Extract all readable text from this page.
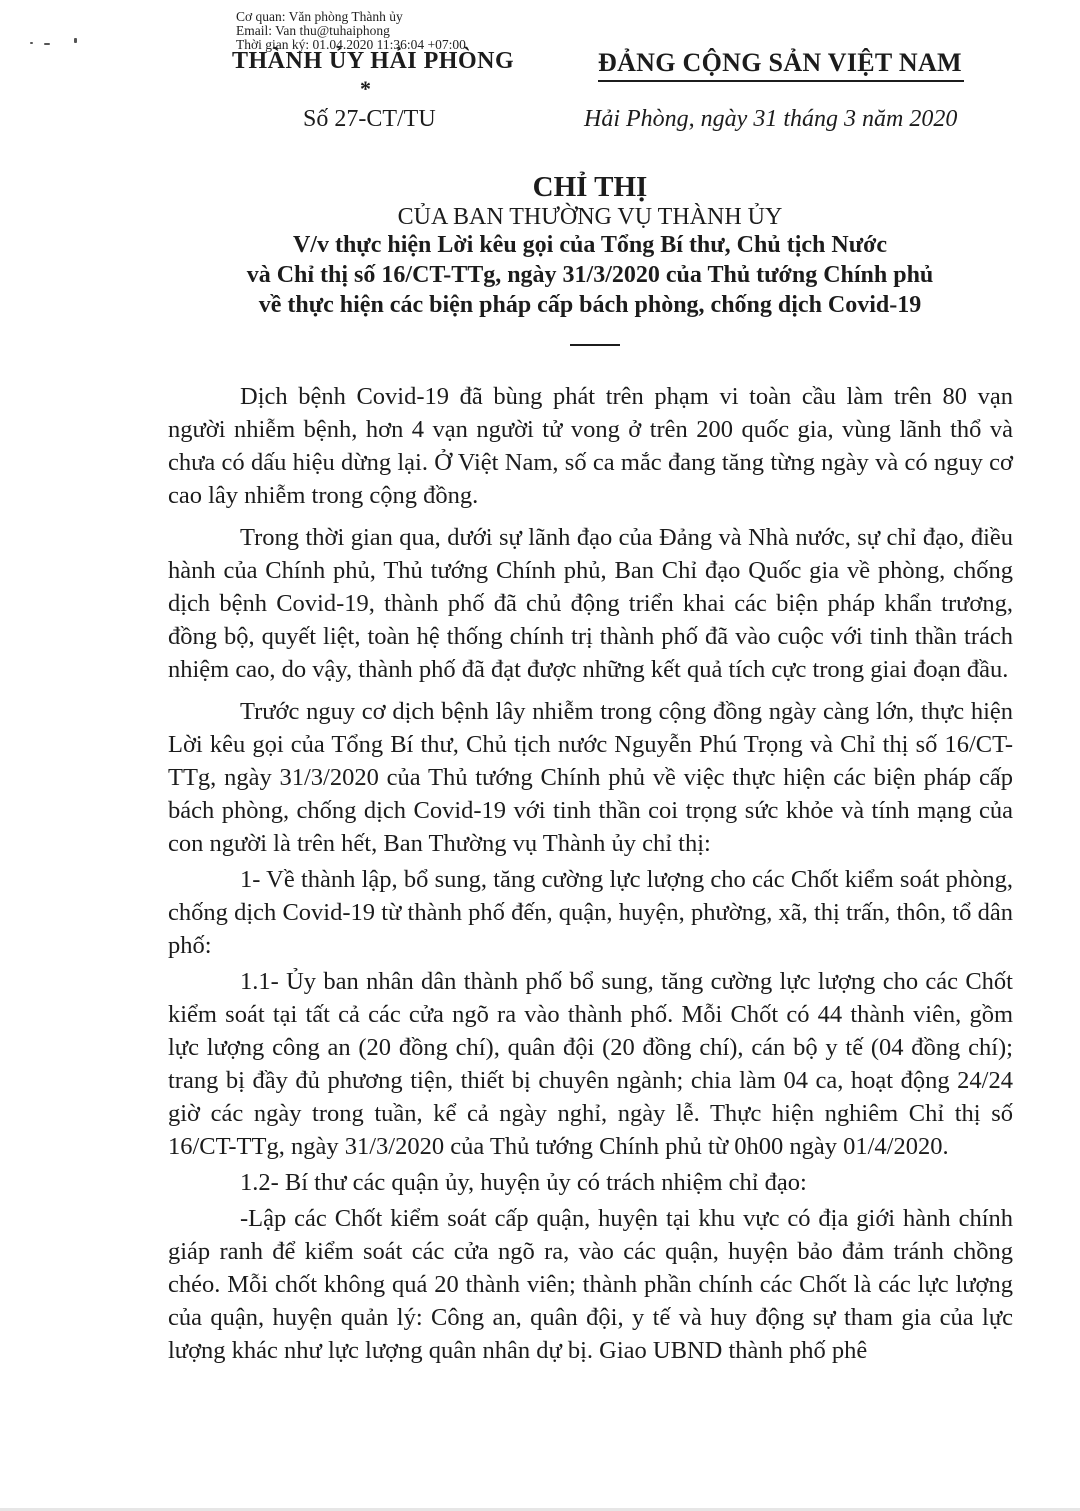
Cơ quan: Văn phòng Thành ủy
Email: Van thu@tuhaiphong
Thời gian ký: 01.04.2020 11:36:04 +07:00
THÀNH ỦY HẢI PHÒNG
*
ĐẢNG CỘNG SẢN VIỆT NAM
Số 27-CT/TU	Hải Phòng, ngày 31 tháng 3 năm 2020
CHỈ THỊ
CỦA BAN THƯỜNG VỤ THÀNH ỦY
V/v thực hiện Lời kêu gọi của Tổng Bí thư, Chủ tịch Nước
và Chỉ thị số 16/CT-TTg, ngày 31/3/2020 của Thủ tướng Chính phủ
về thực hiện các biện pháp cấp bách phòng, chống dịch Covid-19

Dịch bệnh Covid-19 đã bùng phát trên phạm vi toàn cầu làm trên 80 vạn người nhiễm bệnh, hơn 4 vạn người tử vong ở trên 200 quốc gia, vùng lãnh thổ và chưa có dấu hiệu dừng lại. Ở Việt Nam, số ca mắc đang tăng từng ngày và có nguy cơ cao lây nhiễm trong cộng đồng.

Trong thời gian qua, dưới sự lãnh đạo của Đảng và Nhà nước, sự chỉ đạo, điều hành của Chính phủ, Thủ tướng Chính phủ, Ban Chỉ đạo Quốc gia về phòng, chống dịch bệnh Covid-19, thành phố đã chủ động triển khai các biện pháp khẩn trương, đồng bộ, quyết liệt, toàn hệ thống chính trị thành phố đã vào cuộc với tinh thần trách nhiệm cao, do vậy, thành phố đã đạt được những kết quả tích cực trong giai đoạn đầu.

Trước nguy cơ dịch bệnh lây nhiễm trong cộng đồng ngày càng lớn, thực hiện Lời kêu gọi của Tổng Bí thư, Chủ tịch nước Nguyễn Phú Trọng và Chỉ thị số 16/CT-TTg, ngày 31/3/2020 của Thủ tướng Chính phủ về việc thực hiện các biện pháp cấp bách phòng, chống dịch Covid-19 với tinh thần coi trọng sức khỏe và tính mạng của con người là trên hết, Ban Thường vụ Thành ủy chỉ thị:

1- Về thành lập, bổ sung, tăng cường lực lượng cho các Chốt kiểm soát phòng, chống dịch Covid-19 từ thành phố đến, quận, huyện, phường, xã, thị trấn, thôn, tổ dân phố:

1.1- Ủy ban nhân dân thành phố bổ sung, tăng cường lực lượng cho các Chốt kiểm soát tại tất cả các cửa ngõ ra vào thành phố. Mỗi Chốt có 44 thành viên, gồm lực lượng công an (20 đồng chí), quân đội (20 đồng chí), cán bộ y tế (04 đồng chí); trang bị đầy đủ phương tiện, thiết bị chuyên ngành; chia làm 04 ca, hoạt động 24/24 giờ các ngày trong tuần, kể cả ngày nghỉ, ngày lễ. Thực hiện nghiêm Chỉ thị số 16/CT-TTg, ngày 31/3/2020 của Thủ tướng Chính phủ từ 0h00 ngày 01/4/2020.

1.2- Bí thư các quận ủy, huyện ủy có trách nhiệm chỉ đạo:

-Lập các Chốt kiểm soát cấp quận, huyện tại khu vực có địa giới hành chính giáp ranh để kiểm soát các cửa ngõ ra, vào các quận, huyện bảo đảm tránh chồng chéo. Mỗi chốt không quá 20 thành viên; thành phần chính các Chốt là các lực lượng của quận, huyện quản lý: Công an, quân đội, y tế và huy động sự tham gia của lực lượng khác như lực lượng quân nhân dự bị. Giao UBND thành phố phê
